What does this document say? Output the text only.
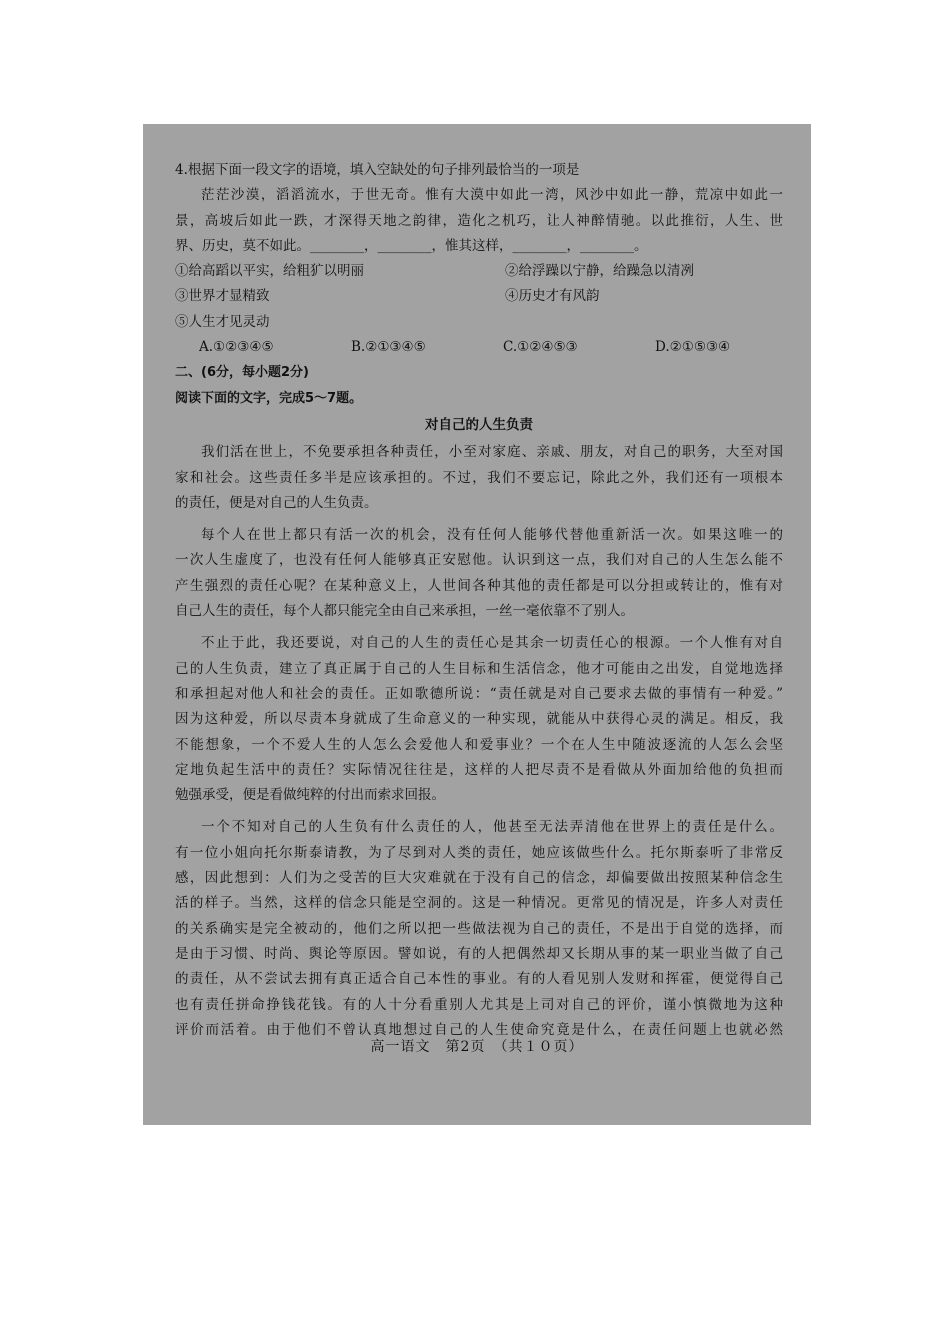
4.根据下面一段文字的语境，填入空缺处的句子排列最恰当的一项是
茫茫沙漠，滔滔流水，于世无奇。惟有大漠中如此一湾，风沙中如此一静，荒凉中如此一
景，高坡后如此一跌，才深得天地之韵律，造化之机巧，让人神醉情驰。以此推衍，人生、世
界、历史，莫不如此。________，________，惟其这样，________，________。
①给高蹈以平实，给粗犷以明丽	②给浮躁以宁静，给躁急以清冽
③世界才显精致	④历史才有风韵
⑤人生才见灵动
A.①②③④⑤	B.②①③④⑤	C.①②④⑤③	D.②①⑤③④
二、(6分，每小题2分)
阅读下面的文字，完成5～7题。
对自己的人生负责
我们活在世上，不免要承担各种责任，小至对家庭、亲戚、朋友，对自己的职务，大至对国
家和社会。这些责任多半是应该承担的。不过，我们不要忘记，除此之外，我们还有一项根本
的责任，便是对自己的人生负责。
每个人在世上都只有活一次的机会，没有任何人能够代替他重新活一次。如果这唯一的
一次人生虚度了，也没有任何人能够真正安慰他。认识到这一点，我们对自己的人生怎么能不
产生强烈的责任心呢？在某种意义上，人世间各种其他的责任都是可以分担或转让的，惟有对
自己人生的责任，每个人都只能完全由自己来承担，一丝一毫依靠不了别人。
不止于此，我还要说，对自己的人生的责任心是其余一切责任心的根源。一个人惟有对自
己的人生负责，建立了真正属于自己的人生目标和生活信念，他才可能由之出发，自觉地选择
和承担起对他人和社会的责任。正如歌德所说：“责任就是对自己要求去做的事情有一种爱。”
因为这种爱，所以尽责本身就成了生命意义的一种实现，就能从中获得心灵的满足。相反，我
不能想象，一个不爱人生的人怎么会爱他人和爱事业？一个在人生中随波逐流的人怎么会坚
定地负起生活中的责任？实际情况往往是，这样的人把尽责不是看做从外面加给他的负担而
勉强承受，便是看做纯粹的付出而索求回报。
一个不知对自己的人生负有什么责任的人，他甚至无法弄清他在世界上的责任是什么。
有一位小姐向托尔斯泰请教，为了尽到对人类的责任，她应该做些什么。托尔斯泰听了非常反
感，因此想到：人们为之受苦的巨大灾难就在于没有自己的信念，却偏要做出按照某种信念生
活的样子。当然，这样的信念只能是空洞的。这是一种情况。更常见的情况是，许多人对责任
的关系确实是完全被动的，他们之所以把一些做法视为自己的责任，不是出于自觉的选择，而
是由于习惯、时尚、舆论等原因。譬如说，有的人把偶然却又长期从事的某一职业当做了自己
的责任，从不尝试去拥有真正适合自己本性的事业。有的人看见别人发财和挥霍，便觉得自己
也有责任拼命挣钱花钱。有的人十分看重别人尤其是上司对自己的评价，谨小慎微地为这种
评价而活着。由于他们不曾认真地想过自己的人生使命究竟是什么，在责任问题上也就必然
高一语文　第2页　（共１０页）
